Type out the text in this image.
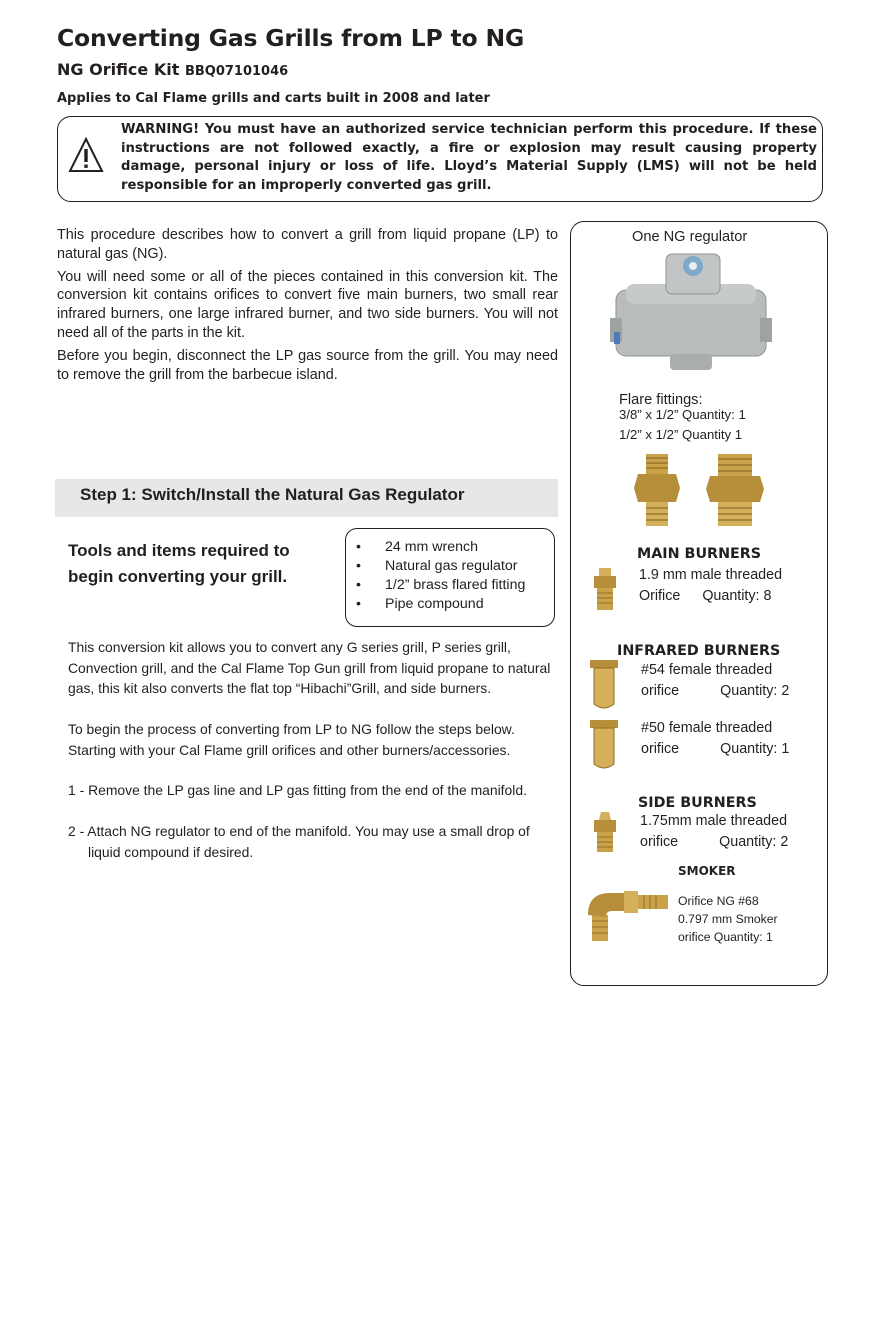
Converting Gas Grills from LP to NG
NG Orifice Kit BBQ07101046
Applies to Cal Flame grills and carts built in 2008 and later
WARNING! You must have an authorized service technician perform this procedure. If these instructions are not followed exactly, a fire or explosion may result causing property damage, personal injury or loss of life. Lloyd’s Material Supply (LMS) will not be held responsible for an improperly converted gas grill.

This procedure describes how to convert a grill from liquid propane (LP) to natural gas (NG).

You will need some or all of the pieces contained in this conversion kit. The conversion kit contains orifices to convert five main burners, two small rear infrared burners, one large infrared burner, and two side burners. You will not need all of the parts in the kit.

Before you begin, disconnect the LP gas source from the grill. You may need to remove the grill from the barbecue island.

Step 1: Switch/Install the Natural Gas Regulator
Tools and items required to begin converting your grill.
• 24 mm wrench
• Natural gas regulator
• 1/2” brass flared fitting
• Pipe compound
This conversion kit allows you to convert any G series grill, P series grill, Convection grill, and the Cal Flame Top Gun grill from liquid propane to natural gas, this kit also converts the flat top “Hibachi”Grill, and side burners.
To begin the process of converting from LP to NG follow the steps below. Starting with your Cal Flame grill orifices and other burners/accessories.
1 - Remove the LP gas line and LP gas fitting from the end of the manifold.
2 - Attach NG regulator to end of the manifold. You may use a small drop of
liquid compound if desired.
One NG regulator
Flare fittings:
3/8” x 1/2” Quantity: 1
1/2” x 1/2” Quantity 1
MAIN BURNERS
1.9 mm male threaded
Orifice Quantity: 8
INFRARED BURNERS
#54 female threaded
orifice	Quantity: 2
#50 female threaded
orifice	Quantity: 1
SIDE BURNERS
1.75mm male threaded
orifice	Quantity: 2
SMOKER
Orifice NG #68
0.797 mm Smoker
orifice Quantity: 1
